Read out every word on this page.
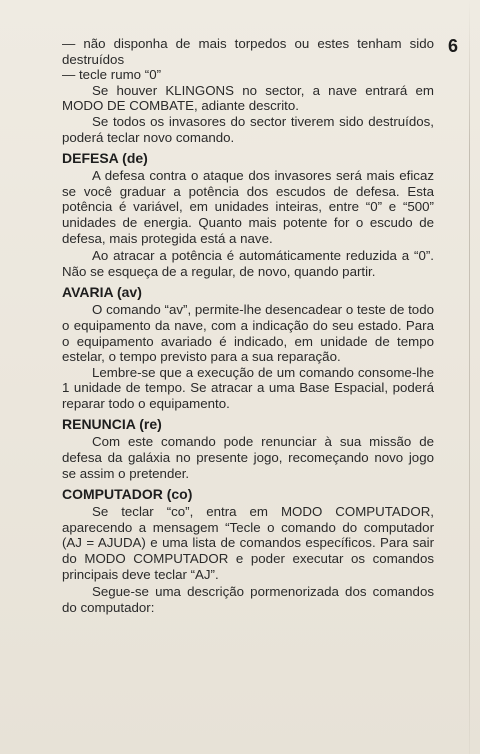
6

— não disponha de mais torpedos ou estes tenham sido destruídos

— tecle rumo “0”

Se houver KLINGONS no sector, a nave entrará em MODO DE COMBATE, adiante descrito.

Se todos os invasores do sector tiverem sido destruídos, poderá teclar novo comando.

DEFESA (de)

A defesa contra o ataque dos invasores será mais eficaz se você graduar a potência dos escudos de defesa. Esta potência é variável, em unidades inteiras, entre “0” e “500” unidades de energia. Quanto mais potente for o escudo de defesa, mais protegida está a nave.

Ao atracar a potência é automáticamente reduzida a “0”. Não se esqueça de a regular, de novo, quando partir.

AVARIA (av)

O comando “av”, permite-lhe desencadear o teste de todo o equipamento da nave, com a indicação do seu estado. Para o equipamento avariado é indicado, em unidade de tempo estelar, o tempo previsto para a sua reparação.

Lembre-se que a execução de um comando consome-lhe 1 unidade de tempo. Se atracar a uma Base Espacial, poderá reparar todo o equipamento.

RENUNCIA (re)

Com este comando pode renunciar à sua missão de defesa da galáxia no presente jogo, recomeçando novo jogo se assim o pretender.

COMPUTADOR (co)

Se teclar “co”, entra em MODO COMPUTADOR, aparecendo a mensagem “Tecle o comando do computador (AJ = AJUDA) e uma lista de comandos específicos. Para sair do MODO COMPUTADOR e poder executar os comandos principais deve teclar “AJ”.

Segue-se uma descrição pormenorizada dos comandos do computador:
